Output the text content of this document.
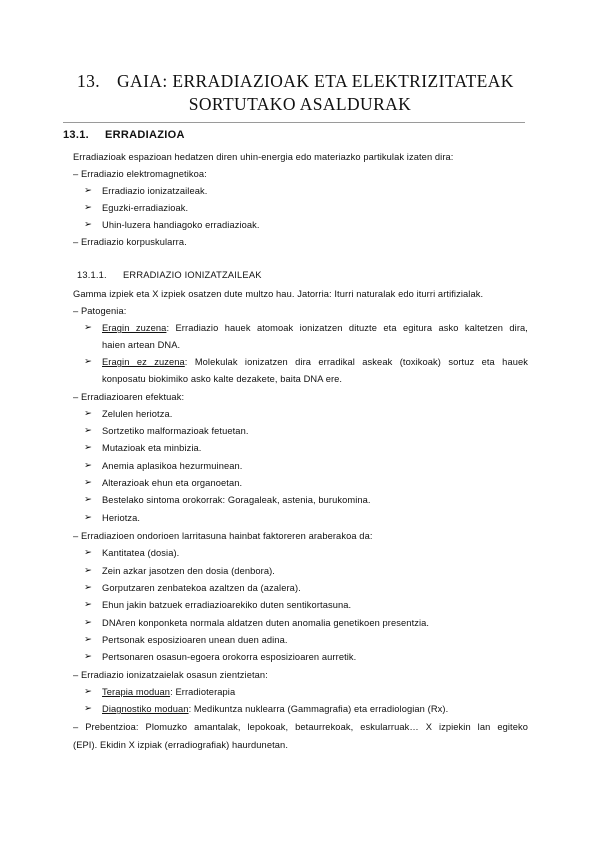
13. GAIA: ERRADIAZIOAK ETA ELEKTRIZITATEAK
SORTUTAKO ASALDURAK
13.1. ERRADIAZIOA
Erradiazioak espazioan hedatzen diren uhin-energia edo materiazko partikulak izaten dira:
– Erradiazio elektromagnetikoa:
➢ Erradiazio ionizatzaileak.
➢ Eguzki-erradiazioak.
➢ Uhin-luzera handiagoko erradiazioak.
– Erradiazio korpuskularra.
13.1.1. ERRADIAZIO IONIZATZAILEAK
Gamma izpiek eta X izpiek osatzen dute multzo hau. Jatorria: Iturri naturalak edo iturri artifizialak.
– Patogenia:
➢ Eragin zuzena: Erradiazio hauek atomoak ionizatzen dituzte eta egitura asko kaltetzen dira,
haien artean DNA.
➢ Eragin ez zuzena: Molekulak ionizatzen dira erradikal askeak (toxikoak) sortuz eta hauek
konposatu biokimiko asko kalte dezakete, baita DNA ere.
– Erradiazioaren efektuak:
➢ Zelulen heriotza.
➢ Sortzetiko malformazioak fetuetan.
➢ Mutazioak eta minbizia.
➢ Anemia aplasikoa hezurmuinean.
➢ Alterazioak ehun eta organoetan.
➢ Bestelako sintoma orokorrak: Goragaleak, astenia, burukomina.
➢ Heriotza.
– Erradiazioen ondorioen larritasuna hainbat faktoreren araberakoa da:
➢ Kantitatea (dosia).
➢ Zein azkar jasotzen den dosia (denbora).
➢ Gorputzaren zenbatekoa azaltzen da (azalera).
➢ Ehun jakin batzuek erradiazioarekiko duten sentikortasuna.
➢ DNAren konponketa normala aldatzen duten anomalia genetikoen presentzia.
➢ Pertsonak esposizioaren unean duen adina.
➢ Pertsonaren osasun-egoera orokorra esposizioaren aurretik.
– Erradiazio ionizatzaielak osasun zientzietan:
➢ Terapia moduan: Erradioterapia
➢ Diagnostiko moduan: Medikuntza nuklearra (Gammagrafia) eta erradiologian (Rx).
– Prebentzioa: Plomuzko amantalak, lepokoak, betaurrekoak, eskularruak… X izpiekin lan egiteko
(EPI). Ekidin X izpiak (erradiografiak) haurdunetan.
